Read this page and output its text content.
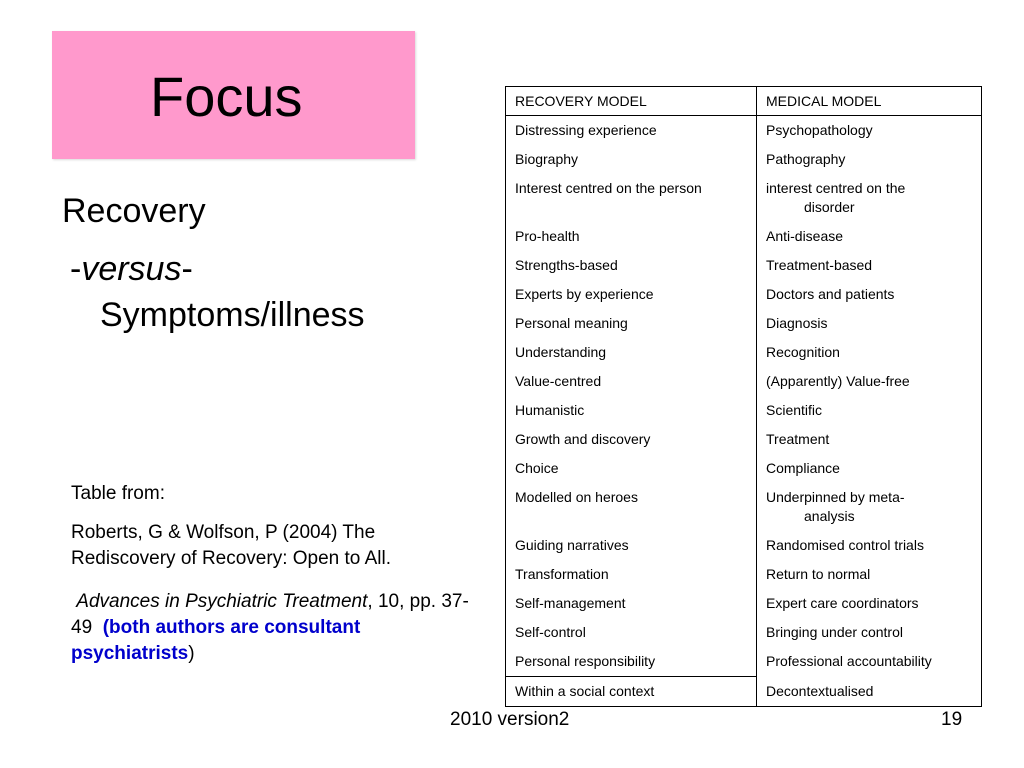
Focus
Recovery
-versus-
Symptoms/illness
Table from:
Roberts, G & Wolfson, P (2004) The Rediscovery of Recovery: Open to All.
Advances in Psychiatric Treatment, 10, pp. 37-49 (both authors are consultant psychiatrists)
RECOVERY MODEL	MEDICAL MODEL
Distressing experience	Psychopathology
Biography	Pathography
Interest centred on the person	interest centred on the
disorder

Pro-health	Anti-disease
Strengths-based	Treatment-based
Experts by experience	Doctors and patients
Personal meaning	Diagnosis
Understanding	Recognition
Value-centred	(Apparently) Value-free
Humanistic	Scientific
Growth and discovery	Treatment
Choice	Compliance
Modelled on heroes	Underpinned by meta-
analysis

Guiding narratives	Randomised control trials
Transformation	Return to normal
Self-management	Expert care coordinators
Self-control	Bringing under control
Personal responsibility	Professional accountability
Within a social context	Decontextualised
2010 version2	19
